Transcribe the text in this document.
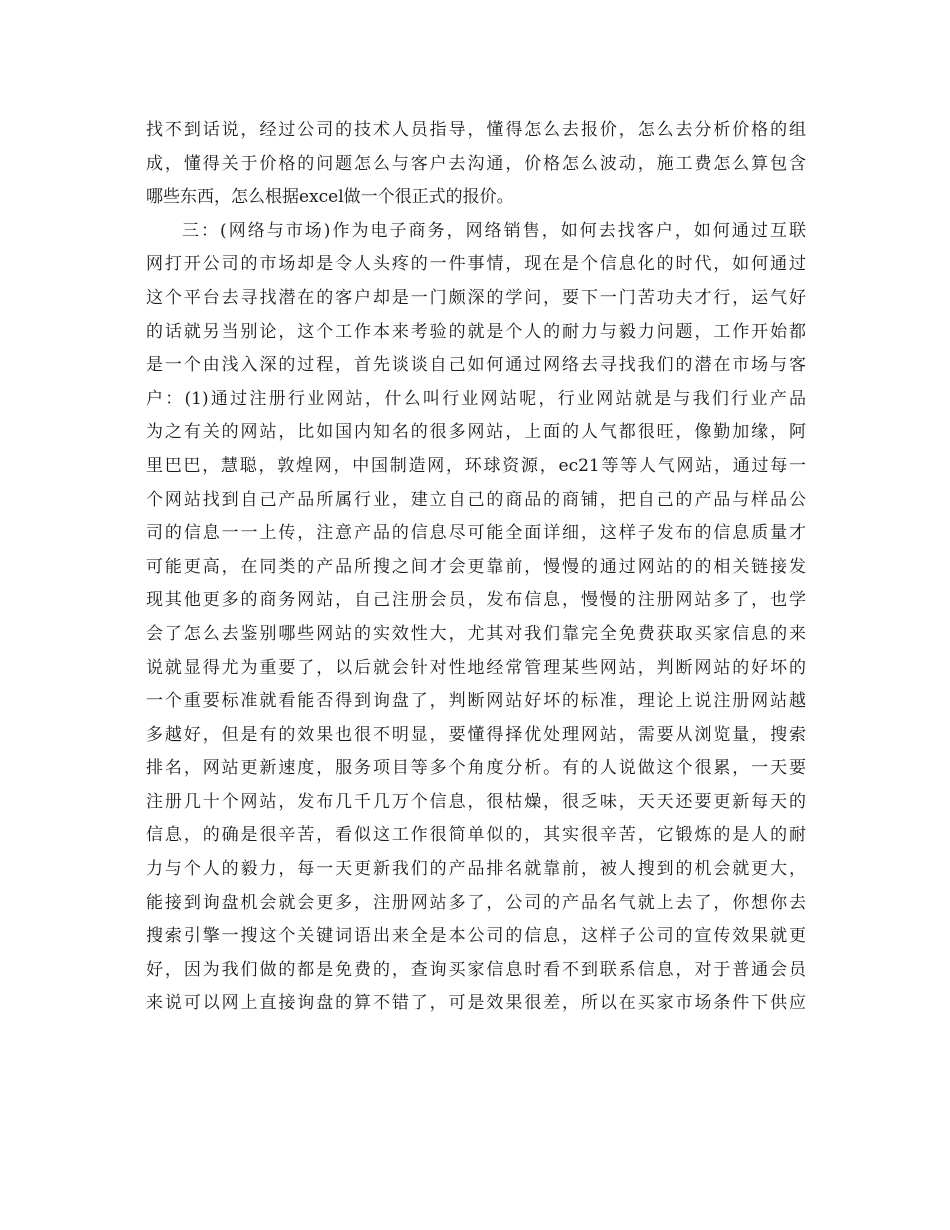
找不到话说，经过公司的技术人员指导，懂得怎么去报价，怎么去分析价格的组
成，懂得关于价格的问题怎么与客户去沟通，价格怎么波动，施工费怎么算包含
哪些东西，怎么根据excel做一个很正式的报价。
三：(网络与市场)作为电子商务，网络销售，如何去找客户，如何通过互联
网打开公司的市场却是令人头疼的一件事情，现在是个信息化的时代，如何通过
这个平台去寻找潜在的客户却是一门颇深的学问，要下一门苦功夫才行，运气好
的话就另当别论，这个工作本来考验的就是个人的耐力与毅力问题，工作开始都
是一个由浅入深的过程，首先谈谈自己如何通过网络去寻找我们的潜在市场与客
户：(1)通过注册行业网站，什么叫行业网站呢，行业网站就是与我们行业产品
为之有关的网站，比如国内知名的很多网站，上面的人气都很旺，像勤加缘，阿
里巴巴，慧聪，敦煌网，中国制造网，环球资源，ec21等等人气网站，通过每一
个网站找到自己产品所属行业，建立自己的商品的商铺，把自己的产品与样品公
司的信息一一上传，注意产品的信息尽可能全面详细，这样子发布的信息质量才
可能更高，在同类的产品所搜之间才会更靠前，慢慢的通过网站的的相关链接发
现其他更多的商务网站，自己注册会员，发布信息，慢慢的注册网站多了，也学
会了怎么去鉴别哪些网站的实效性大，尤其对我们靠完全免费获取买家信息的来
说就显得尤为重要了，以后就会针对性地经常管理某些网站，判断网站的好坏的
一个重要标准就看能否得到询盘了，判断网站好坏的标准，理论上说注册网站越
多越好，但是有的效果也很不明显，要懂得择优处理网站，需要从浏览量，搜索
排名，网站更新速度，服务项目等多个角度分析。有的人说做这个很累，一天要
注册几十个网站，发布几千几万个信息，很枯燥，很乏味，天天还要更新每天的
信息，的确是很辛苦，看似这工作很简单似的，其实很辛苦，它锻炼的是人的耐
力与个人的毅力，每一天更新我们的产品排名就靠前，被人搜到的机会就更大，
能接到询盘机会就会更多，注册网站多了，公司的产品名气就上去了，你想你去
搜索引擎一搜这个关键词语出来全是本公司的信息，这样子公司的宣传效果就更
好，因为我们做的都是免费的，查询买家信息时看不到联系信息，对于普通会员
来说可以网上直接询盘的算不错了，可是效果很差，所以在买家市场条件下供应
